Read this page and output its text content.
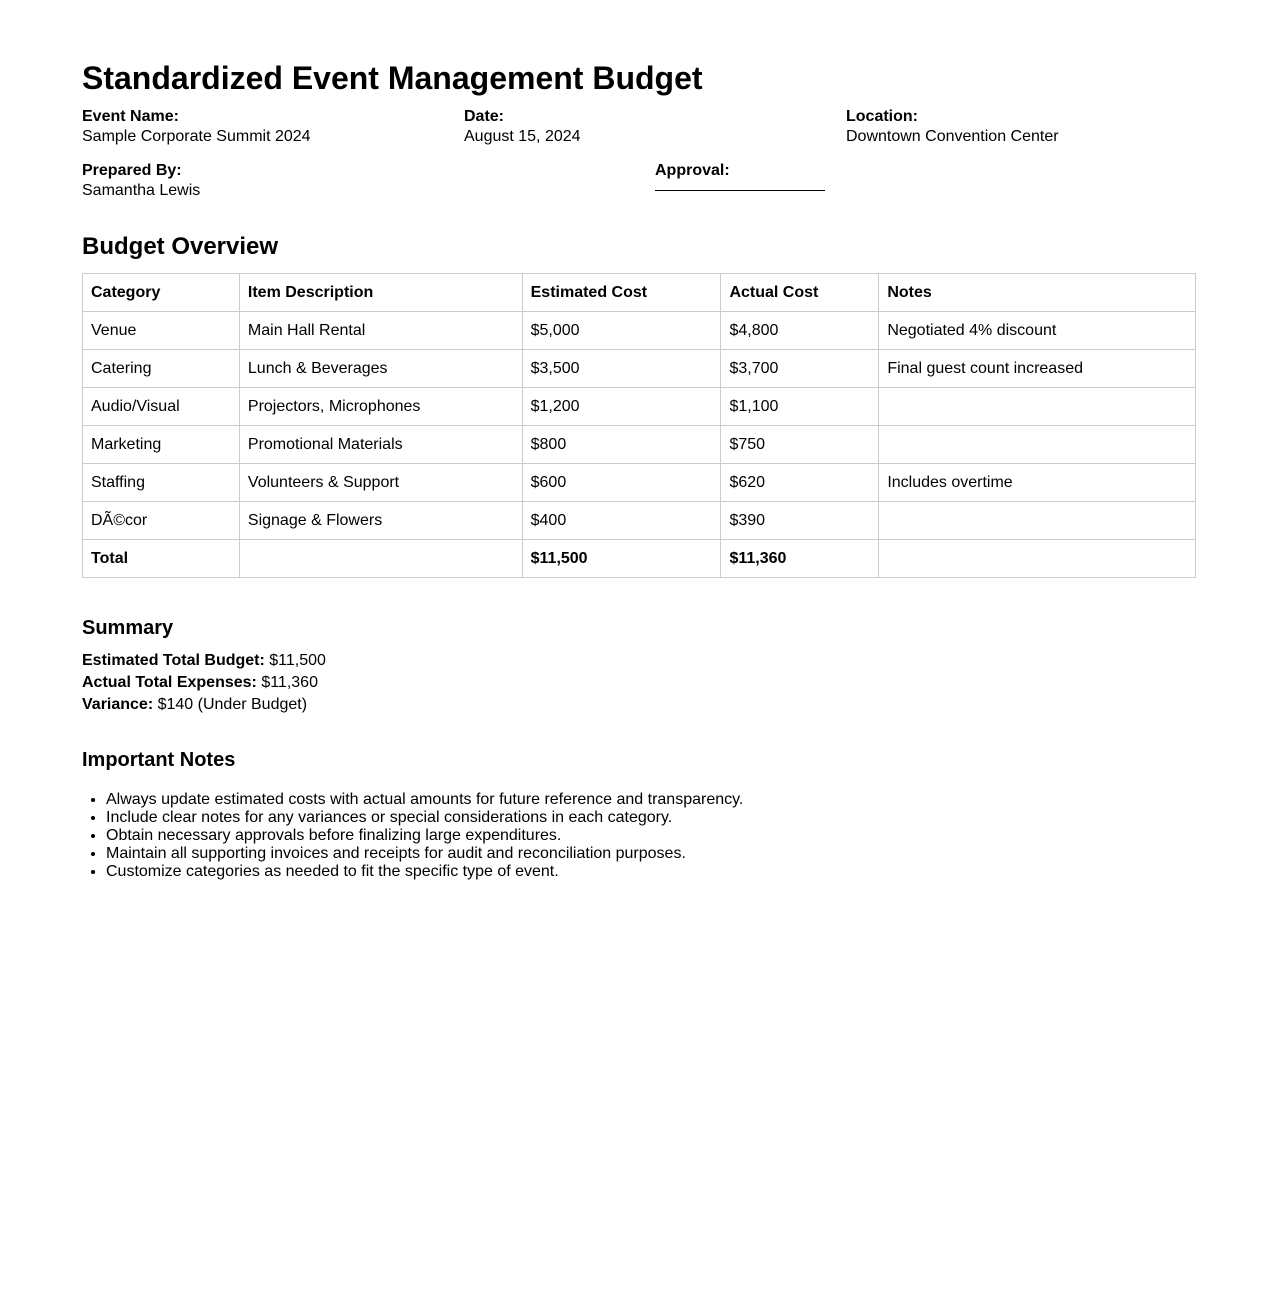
Standardized Event Management Budget
Event Name:
Sample Corporate Summit 2024
Date:
August 15, 2024
Location:
Downtown Convention Center
Prepared By:
Samantha Lewis
Approval:
Budget Overview
Category	Item Description	Estimated Cost	Actual Cost	Notes
Venue	Main Hall Rental	$5,000	$4,800	Negotiated 4% discount
Catering	Lunch & Beverages	$3,500	$3,700	Final guest count increased
Audio/Visual	Projectors, Microphones	$1,200	$1,100	
Marketing	Promotional Materials	$800	$750	
Staffing	Volunteers & Support	$600	$620	Includes overtime
DÃ©cor	Signage & Flowers	$400	$390	
Total		$11,500	$11,360	
Summary
Estimated Total Budget: $11,500
Actual Total Expenses: $11,360
Variance: $140 (Under Budget)
Important Notes
• Always update estimated costs with actual amounts for future reference and transparency.
• Include clear notes for any variances or special considerations in each category.
• Obtain necessary approvals before finalizing large expenditures.
• Maintain all supporting invoices and receipts for audit and reconciliation purposes.
• Customize categories as needed to fit the specific type of event.
